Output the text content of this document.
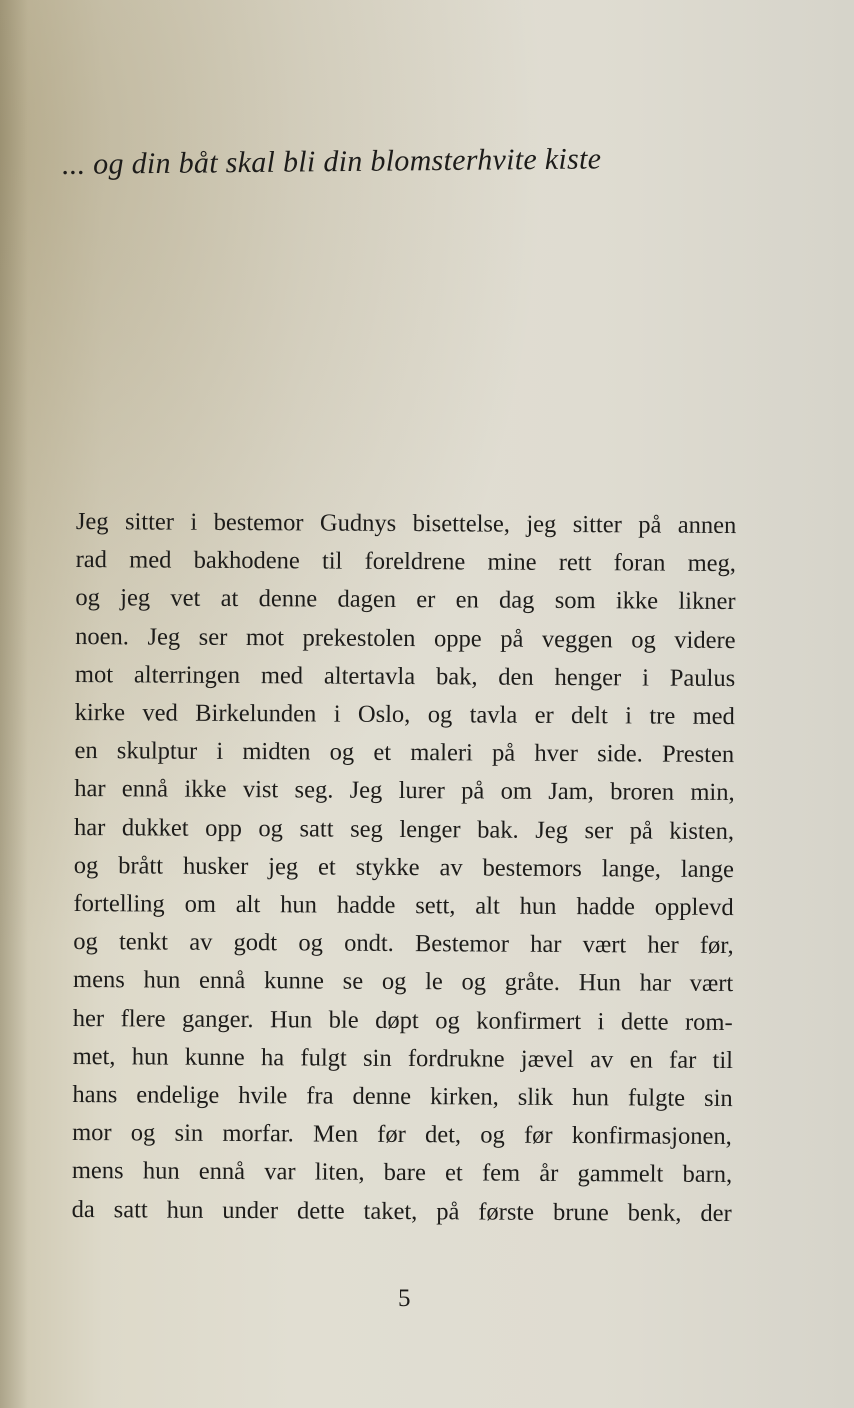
... og din båt skal bli din blomsterhvite kiste
Jeg sitter i bestemor Gudnys bisettelse, jeg sitter på annen
rad med bakhodene til foreldrene mine rett foran meg,
og jeg vet at denne dagen er en dag som ikke likner
noen. Jeg ser mot prekestolen oppe på veggen og videre
mot alterringen med altertavla bak, den henger i Paulus
kirke ved Birkelunden i Oslo, og tavla er delt i tre med
en skulptur i midten og et maleri på hver side. Presten
har ennå ikke vist seg. Jeg lurer på om Jam, broren min,
har dukket opp og satt seg lenger bak. Jeg ser på kisten,
og brått husker jeg et stykke av bestemors lange, lange
fortelling om alt hun hadde sett, alt hun hadde opplevd
og tenkt av godt og ondt. Bestemor har vært her før,
mens hun ennå kunne se og le og gråte. Hun har vært
her flere ganger. Hun ble døpt og konfirmert i dette rom-
met, hun kunne ha fulgt sin fordrukne jævel av en far til
hans endelige hvile fra denne kirken, slik hun fulgte sin
mor og sin morfar. Men før det, og før konfirmasjonen,
mens hun ennå var liten, bare et fem år gammelt barn,
da satt hun under dette taket, på første brune benk, der
5
